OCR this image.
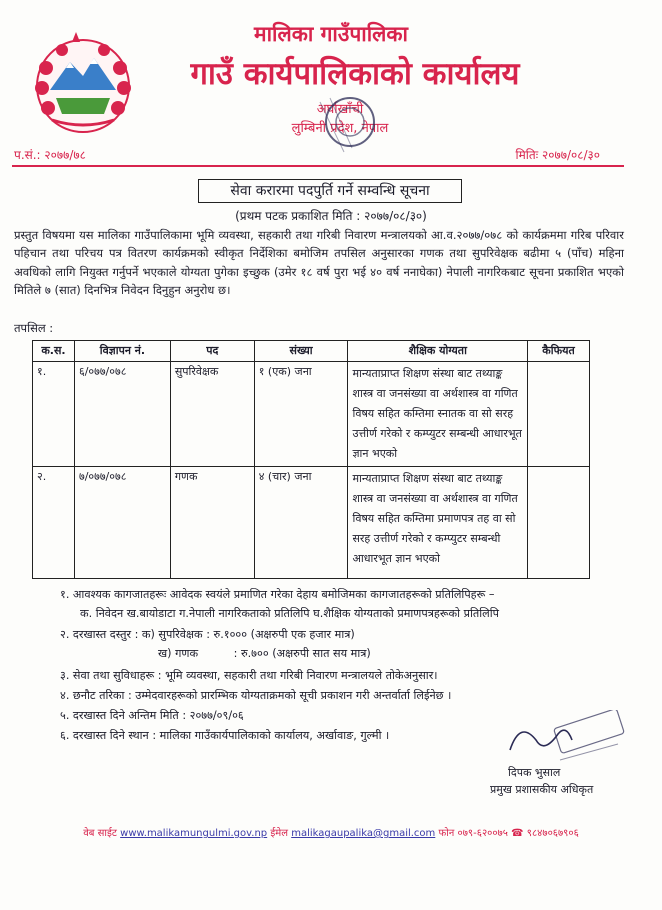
मालिका गाउँपालिका
गाउँ कार्यपालिकाको कार्यालय
अर्घाखाँची
लुम्बिनी प्रदेश, नेपाल
प.सं.: २०७७/७८	मितिः २०७७/०८/३०
सेवा करारमा पदपुर्ति गर्ने सम्वन्धि सूचना
(प्रथम पटक प्रकाशित मिति : २०७७/०८/३०)
प्रस्तुत विषयमा यस मालिका गाउँपालिकामा भूमि व्यवस्था, सहकारी तथा गरिबी निवारण मन्त्रालयको आ.व.२०७७/०७८ को कार्यक्रममा गरिब परिवार पहिचान तथा परिचय पत्र वितरण कार्यक्रमको स्वीकृत निर्देशिका बमोजिम तपसिल अनुसारका गणक तथा सुपरिवेक्षक बढीमा ५ (पाँच) महिना अवधिको लागि नियुक्त गर्नुपर्ने भएकाले योग्यता पुगेका इच्छुक (उमेर १८ वर्ष पुरा भई ४० वर्ष ननाघेका) नेपाली नागरिकबाट सूचना प्रकाशित भएको मितिले ७ (सात) दिनभित्र निवेदन दिनुहुन अनुरोध छ।
तपसिल :
क.स.	विज्ञापन नं.	पद	संख्या	शैक्षिक योग्यता	कैफियत
१.	६/०७७/०७८	सुपरिवेक्षक	१ (एक) जना	मान्यताप्राप्त शिक्षण संस्था बाट तथ्याङ्क शास्त्र वा जनसंख्या वा अर्थशास्त्र वा गणित विषय सहित कम्तिमा स्नातक वा सो सरह उत्तीर्ण गरेको र कम्प्युटर सम्बन्धी आधारभूत ज्ञान भएको	
२.	७/०७७/०७८	गणक	४ (चार) जना	मान्यताप्राप्त शिक्षण संस्था बाट तथ्याङ्क शास्त्र वा जनसंख्या वा अर्थशास्त्र वा गणित विषय सहित कम्तिमा प्रमाणपत्र तह वा सो सरह उत्तीर्ण गरेको र कम्प्युटर सम्बन्धी आधारभूत ज्ञान भएको	
१. आवश्यक कागजातहरूः आवेदक स्वयंले प्रमाणित गरेका देहाय बमोजिमका कागजातहरूको प्रतिलिपिहरू –
क. निवेदन ख.बायोडाटा ग.नेपाली नागरिकताको प्रतिलिपि घ.शैक्षिक योग्यताको प्रमाणपत्रहरूको प्रतिलिपि
२. दरखास्त दस्तुर : क) सुपरिवेक्षक : रु.१००० (अक्षरुपी एक हजार मात्र)
ख) गणक          : रु.७०० (अक्षरुपी सात सय मात्र)
३. सेवा तथा सुविधाहरू : भूमि व्यवस्था, सहकारी तथा गरिबी निवारण मन्त्रालयले तोकेअनुसार।
४. छनौट तरिका : उम्मेदवारहरूको प्रारम्भिक योग्यताक्रमको सूची प्रकाशन गरी अन्तर्वार्ता लिईनेछ ।
५. दरखास्त दिने अन्तिम मिति : २०७७/०९/०६
६. दरखास्त दिने स्थान : मालिका गाउँकार्यपालिकाको कार्यालय, अर्खावाङ, गुल्मी ।
दिपक भुसाल
प्रमुख प्रशासकीय अधिकृत
वेब साईट www.malikamungulmi.gov.np ईमेल malikagaupalika@gmail.com फोन ०७९-६२००७५ ☎ ९८४७०६७९०६
